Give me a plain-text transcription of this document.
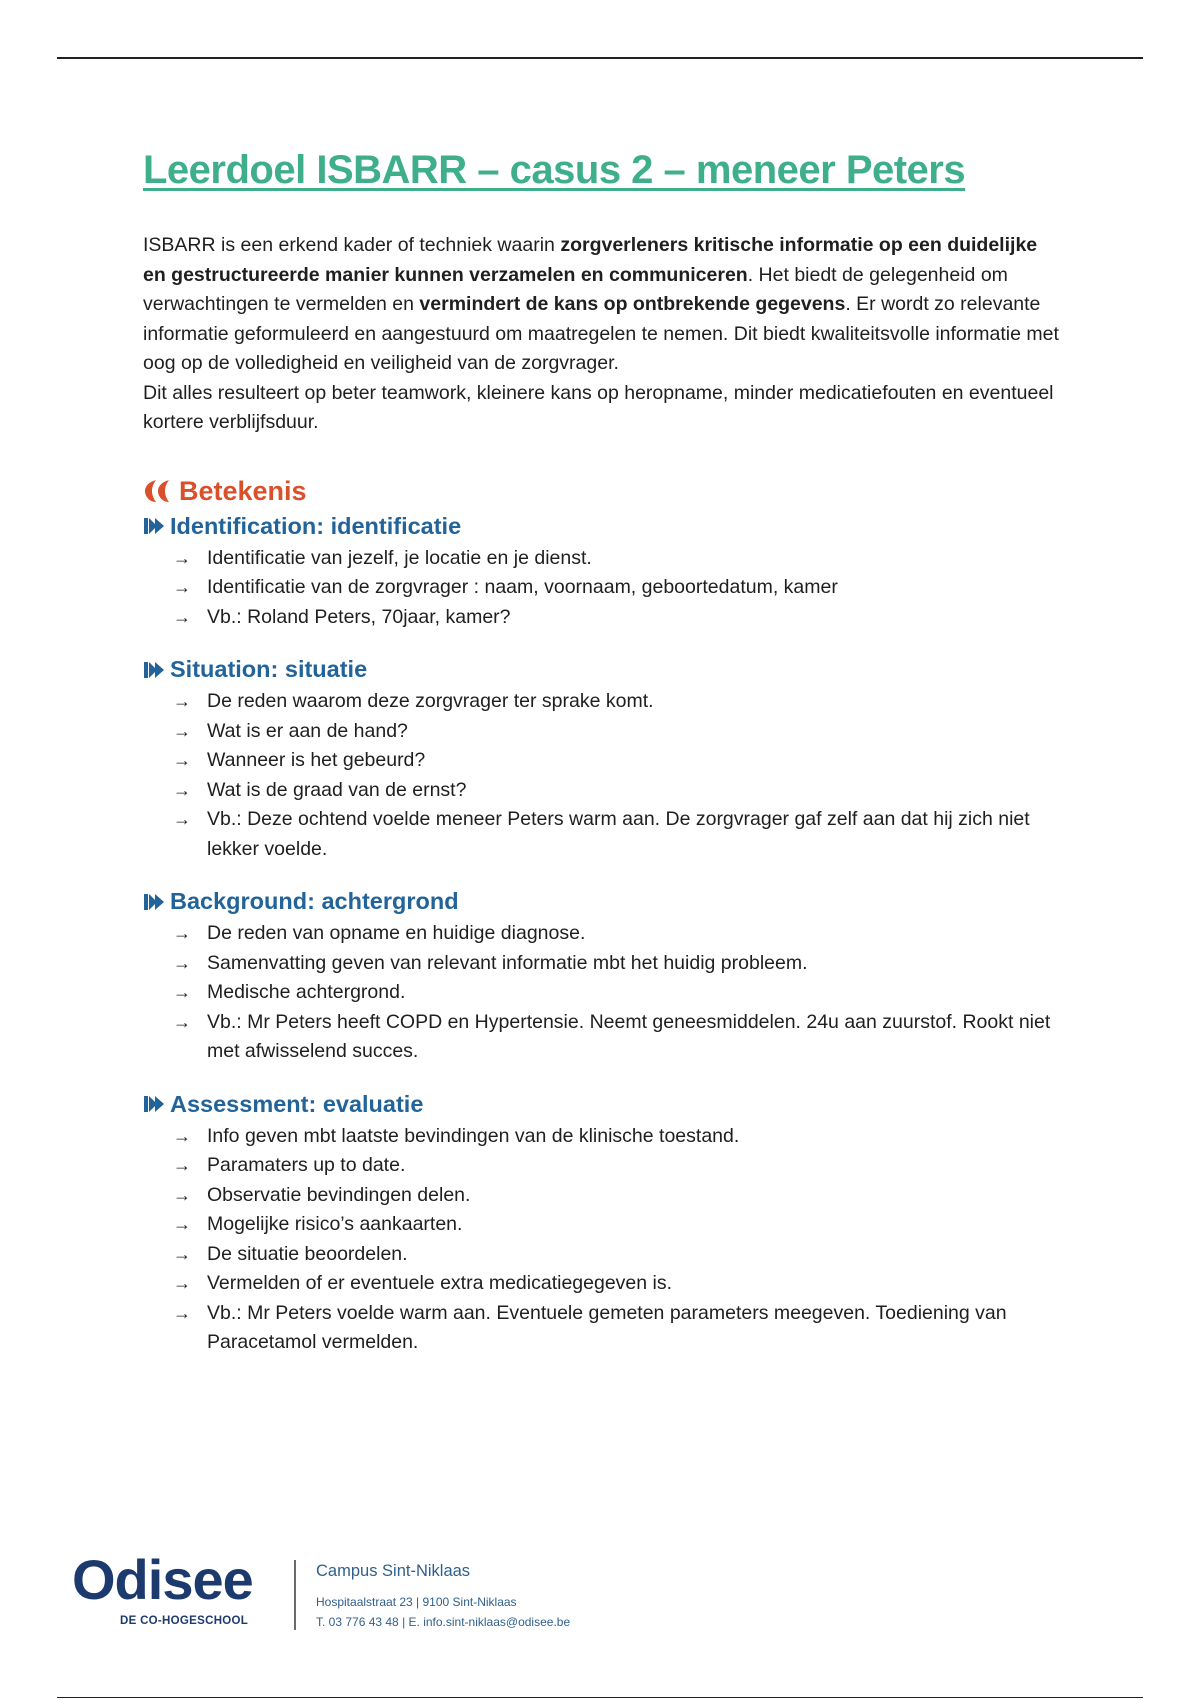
Leerdoel ISBARR – casus 2 – meneer Peters

ISBARR is een erkend kader of techniek waarin zorgverleners kritische informatie op een duidelijke en gestructureerde manier kunnen verzamelen en communiceren. Het biedt de gelegenheid om verwachtingen te vermelden en vermindert de kans op ontbrekende gegevens. Er wordt zo relevante informatie geformuleerd en aangestuurd om maatregelen te nemen. Dit biedt kwaliteitsvolle informatie met oog op de volledigheid en veiligheid van de zorgvrager.

Dit alles resulteert op beter teamwork, kleinere kans op heropname, minder medicatiefouten en eventueel kortere verblijfsduur.

Betekenis
Identification: identificatie
→ Identificatie van jezelf, je locatie en je dienst.
→ Identificatie van de zorgvrager : naam, voornaam, geboortedatum, kamer
→ Vb.: Roland Peters, 70jaar, kamer?
Situation: situatie
→ De reden waarom deze zorgvrager ter sprake komt.
→ Wat is er aan de hand?
→ Wanneer is het gebeurd?
→ Wat is de graad van de ernst?
→ Vb.: Deze ochtend voelde meneer Peters warm aan. De zorgvrager gaf zelf aan dat hij zich niet lekker voelde.
Background: achtergrond
→ De reden van opname en huidige diagnose.
→ Samenvatting geven van relevant informatie mbt het huidig probleem.
→ Medische achtergrond.
→ Vb.: Mr Peters heeft COPD en Hypertensie. Neemt geneesmiddelen. 24u aan zuurstof. Rookt niet met afwisselend succes.
Assessment: evaluatie
→ Info geven mbt laatste bevindingen van de klinische toestand.
→ Paramaters up to date.
→ Observatie bevindingen delen.
→ Mogelijke risico’s aankaarten.
→ De situatie beoordelen.
→ Vermelden of er eventuele extra medicatiegegeven is.
→ Vb.: Mr Peters voelde warm aan. Eventuele gemeten parameters meegeven. Toediening van Paracetamol vermelden.
Odisee
DE CO-HOGESCHOOL
Campus Sint-Niklaas
Hospitaalstraat 23 | 9100 Sint-Niklaas
T. 03 776 43 48 | E. info.sint-niklaas@odisee.be
